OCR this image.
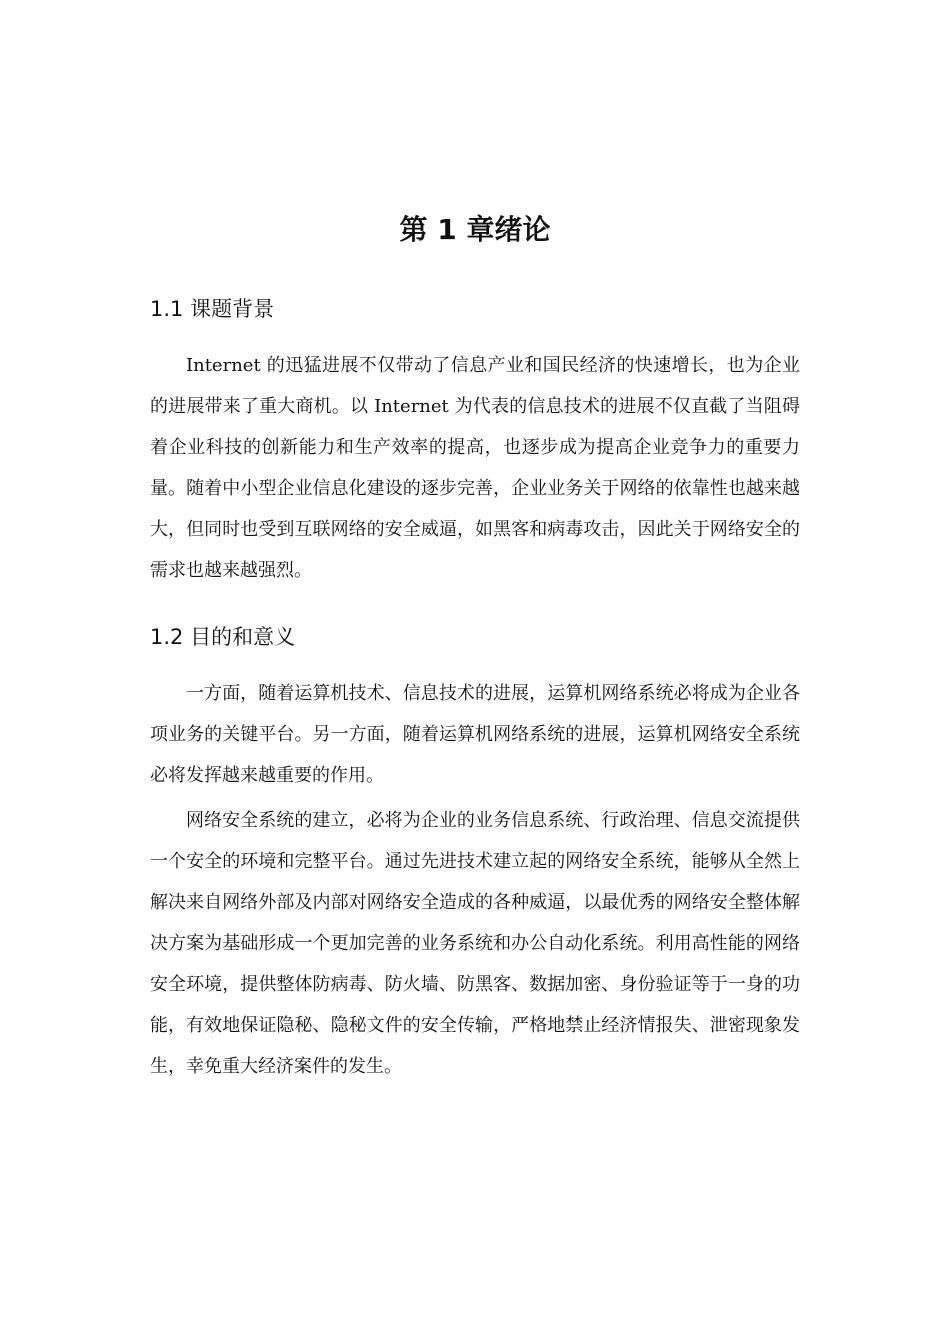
第 1 章绪论
1.1 课题背景

Internet 的迅猛进展不仅带动了信息产业和国民经济的快速增长，也为企业的进展带来了重大商机。以 Internet 为代表的信息技术的进展不仅直截了当阻碍着企业科技的创新能力和生产效率的提高，也逐步成为提高企业竞争力的重要力量。随着中小型企业信息化建设的逐步完善，企业业务关于网络的依靠性也越来越大，但同时也受到互联网络的安全威逼，如黑客和病毒攻击，因此关于网络安全的需求也越来越强烈。

1.2 目的和意义

一方面，随着运算机技术、信息技术的进展，运算机网络系统必将成为企业各项业务的关键平台。另一方面，随着运算机网络系统的进展，运算机网络安全系统必将发挥越来越重要的作用。

网络安全系统的建立，必将为企业的业务信息系统、行政治理、信息交流提供一个安全的环境和完整平台。通过先进技术建立起的网络安全系统，能够从全然上解决来自网络外部及内部对网络安全造成的各种威逼，以最优秀的网络安全整体解决方案为基础形成一个更加完善的业务系统和办公自动化系统。利用高性能的网络安全环境，提供整体防病毒、防火墙、防黑客、数据加密、身份验证等于一身的功能，有效地保证隐秘、隐秘文件的安全传输，严格地禁止经济情报失、泄密现象发生，幸免重大经济案件的发生。
